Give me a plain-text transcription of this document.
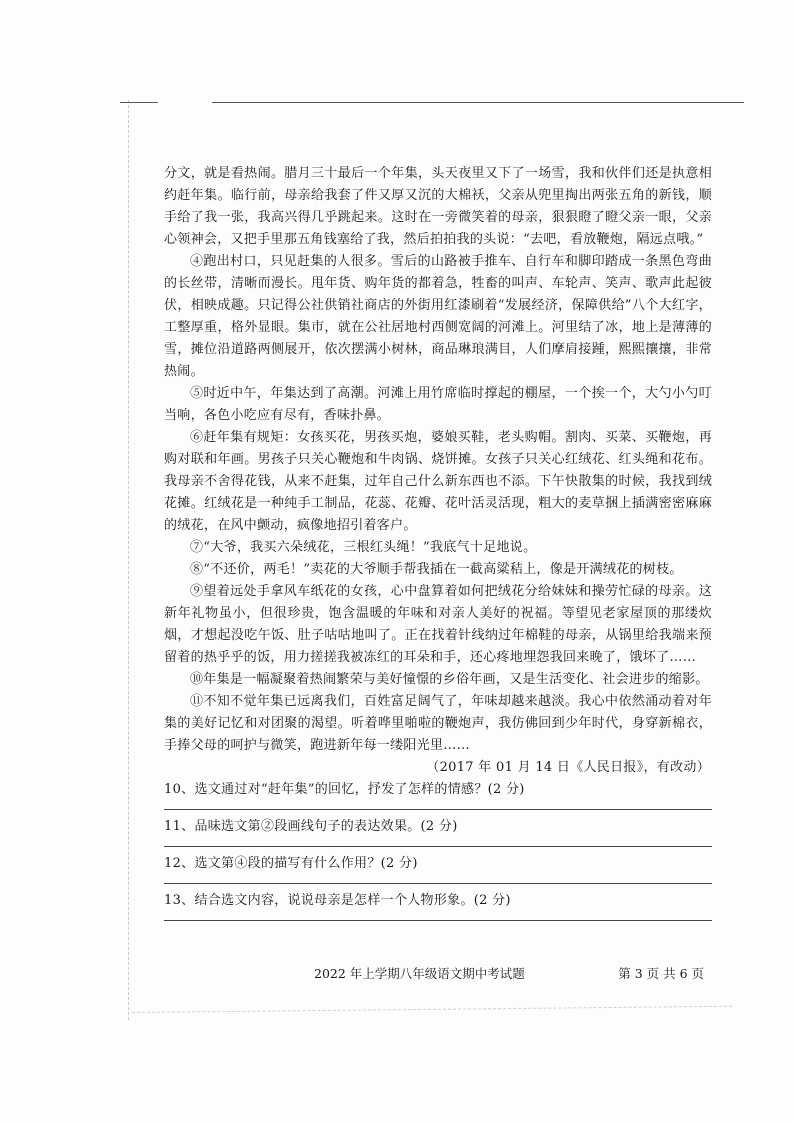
分文，就是看热闹。腊月三十最后一个年集，头天夜里又下了一场雪，我和伙伴们还是执意相约赶年集。临行前，母亲给我套了件又厚又沉的大棉袄，父亲从兜里掏出两张五角的新钱，顺手给了我一张，我高兴得几乎跳起来。这时在一旁微笑着的母亲，狠狠瞪了瞪父亲一眼，父亲心领神会，又把手里那五角钱塞给了我，然后拍拍我的头说：“去吧，看放鞭炮，隔远点哦。”

④跑出村口，只见赶集的人很多。雪后的山路被手推车、自行车和脚印踏成一条黑色弯曲的长丝带，清晰而漫长。甩年货、购年货的都着急，牲畜的叫声、车轮声、笑声、歌声此起彼伏，相映成趣。只记得公社供销社商店的外街用红漆刷着“发展经济，保障供给”八个大红字，工整厚重，格外显眼。集市，就在公社居地村西侧宽阔的河滩上。河里结了冰，地上是薄薄的雪，摊位沿道路两侧展开，依次摆满小树林，商品琳琅满目，人们摩肩接踵，熙熙攘攘，非常热闹。

⑤时近中午，年集达到了高潮。河滩上用竹席临时撑起的棚屋，一个挨一个，大勺小勺叮当响，各色小吃应有尽有，香味扑鼻。

⑥赶年集有规矩：女孩买花，男孩买炮，婆娘买鞋，老头购帽。割肉、买菜、买鞭炮，再购对联和年画。男孩子只关心鞭炮和牛肉锅、烧饼摊。女孩子只关心红绒花、红头绳和花布。我母亲不舍得花钱，从来不赶集，过年自己什么新东西也不添。下午快散集的时候，我找到绒花摊。红绒花是一种纯手工制品，花蕊、花瓣、花叶活灵活现，粗大的麦草捆上插满密密麻麻的绒花，在风中颤动，疯像地招引着客户。

⑦“大爷，我买六朵绒花，三根红头绳！”我底气十足地说。

⑧“不还价，两毛！”卖花的大爷顺手帮我插在一截高粱秸上，像是开满绒花的树枝。

⑨望着远处手拿风车纸花的女孩，心中盘算着如何把绒花分给妹妹和操劳忙碌的母亲。这新年礼物虽小，但很珍贵，饱含温暖的年味和对亲人美好的祝福。等望见老家屋顶的那缕炊烟，才想起没吃午饭、肚子咕咕地叫了。正在找着针线纳过年棉鞋的母亲，从锅里给我端来预留着的热乎乎的饭，用力搓搓我被冻红的耳朵和手，还心疼地埋怨我回来晚了，饿坏了……

⑩年集是一幅凝聚着热闹繁荣与美好憧憬的乡俗年画，又是生活变化、社会进步的缩影。

⑪不知不觉年集已远离我们，百姓富足阔气了，年味却越来越淡。我心中依然涌动着对年集的美好记忆和对团聚的渴望。听着哗里啪啦的鞭炮声，我仿佛回到少年时代，身穿新棉衣，手捧父母的呵护与微笑，跑进新年每一缕阳光里……

（2017 年 01 月 14 日《人民日报》，有改动）

10、选文通过对“赶年集”的回忆，抒发了怎样的情感？(2 分)

11、品味选文第②段画线句子的表达效果。(2 分)

12、选文第④段的描写有什么作用？(2 分)

13、结合选文内容，说说母亲是怎样一个人物形象。(2 分)

2022 年上学期八年级语文期中考试题	第 3 页 共 6 页
